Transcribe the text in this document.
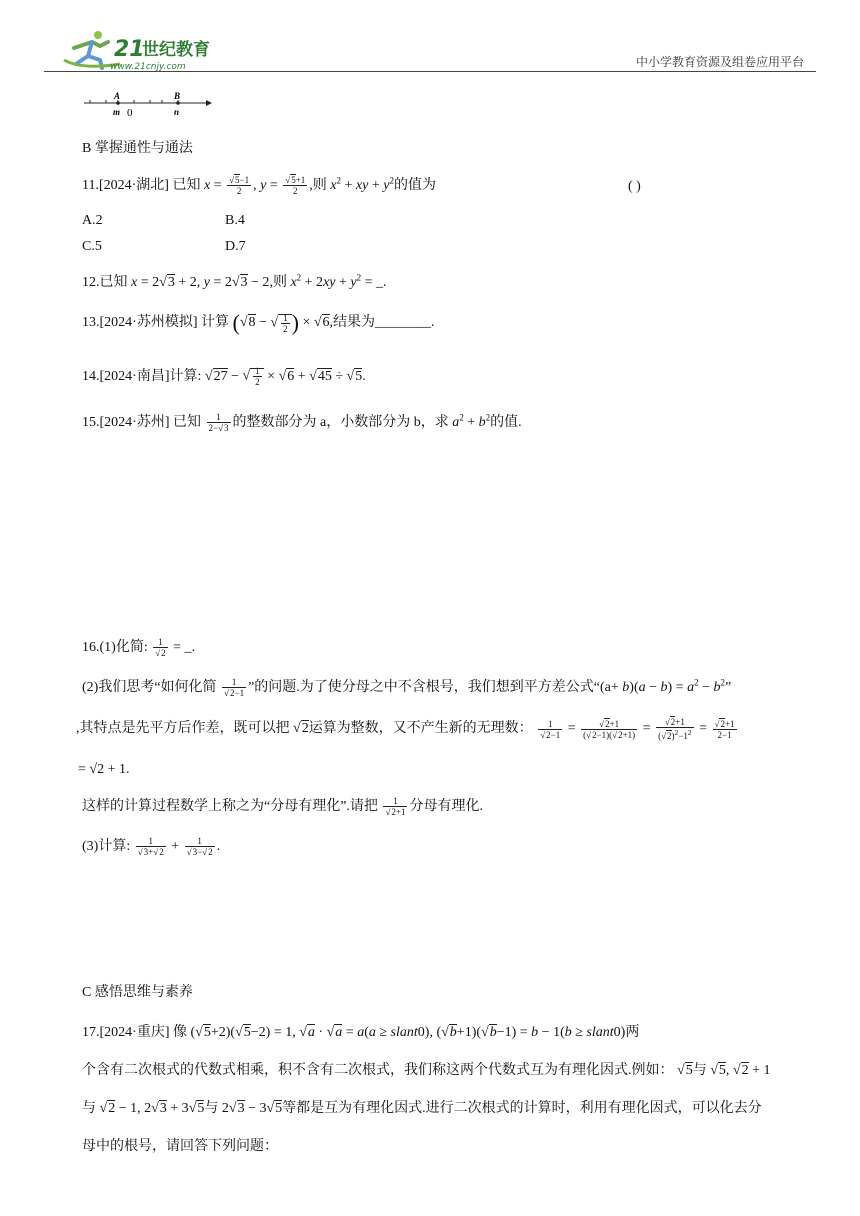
21
世纪教育
www.21cnjy.com	中小学教育资源及组卷应用平台
A	B
m 0	n
B 掌握通性与通法
11.[2024·湖北] 已知 $x = \frac{√5-1}{2}$ , $y = \frac{√5+1}{2}$ ,则 $x^2$ + xy + $y^2$的值为	( )
A.2	B.4
C.5	D.7
12.已知 x = 2√3 + 2, y = 2√3 − 2,则 $x^2 + 2xy + y^2$ = _.
13.[2024·苏州模拟] 计算 (√8 − √ $\frac{1}{2}$ ) × √6,结果为________.
14.[2024·南昌]计算: √27 − √ $\frac{1}{2} \times √6 + √45 \div √5$.
15.[2024·苏州] 已知 $\frac{1}{2-√3}$ 的整数部分为 a，小数部分为 b，求 $a^2 + b^2$的值.
16.(1)化简: $\frac{1}{√2}$ = _.
(2)我们思考“如何化简 $\frac{1}{√2-1}$ ”的问题.为了使分母之中不含根号，我们想到平方差公式“$(a+ b)(a - b) = a^2 - b^2$”
,其特点是先平方后作差，既可以把 √2运算为整数，又不产生新的无理数： $\frac{1}{√2-1} = \frac{√2+1}{(√2-1)(√2+1)} = \frac{√2+1}{(√2)^2-1^2} = \frac{√2+1}{2-1}$
= √2 + 1.
这样的计算过程数学上称之为“分母有理化”.请把 $\frac{1}{√2+1}$ 分母有理化.
(3)计算: $\frac{1}{√3+√2} + \frac{1}{√3-√2}$ .
C 感悟思维与素养
17.[2024·重庆] 像 (√5+2)(√5−2) = 1, √a · √a = a(a ≥ slant0), (√b+1)(√b−1) = b − 1(b ≥ slant0)两
个含有二次根式的代数式相乘，积不含有二次根式，我们称这两个代数式互为有理化因式.例如： √5与 √5, √2 + 1
与 √2 − 1, 2√3 + 3√5与 2√3 − 3√5等都是互为有理化因式.进行二次根式的计算时，利用有理化因式，可以化去分
母中的根号，请回答下列问题：
